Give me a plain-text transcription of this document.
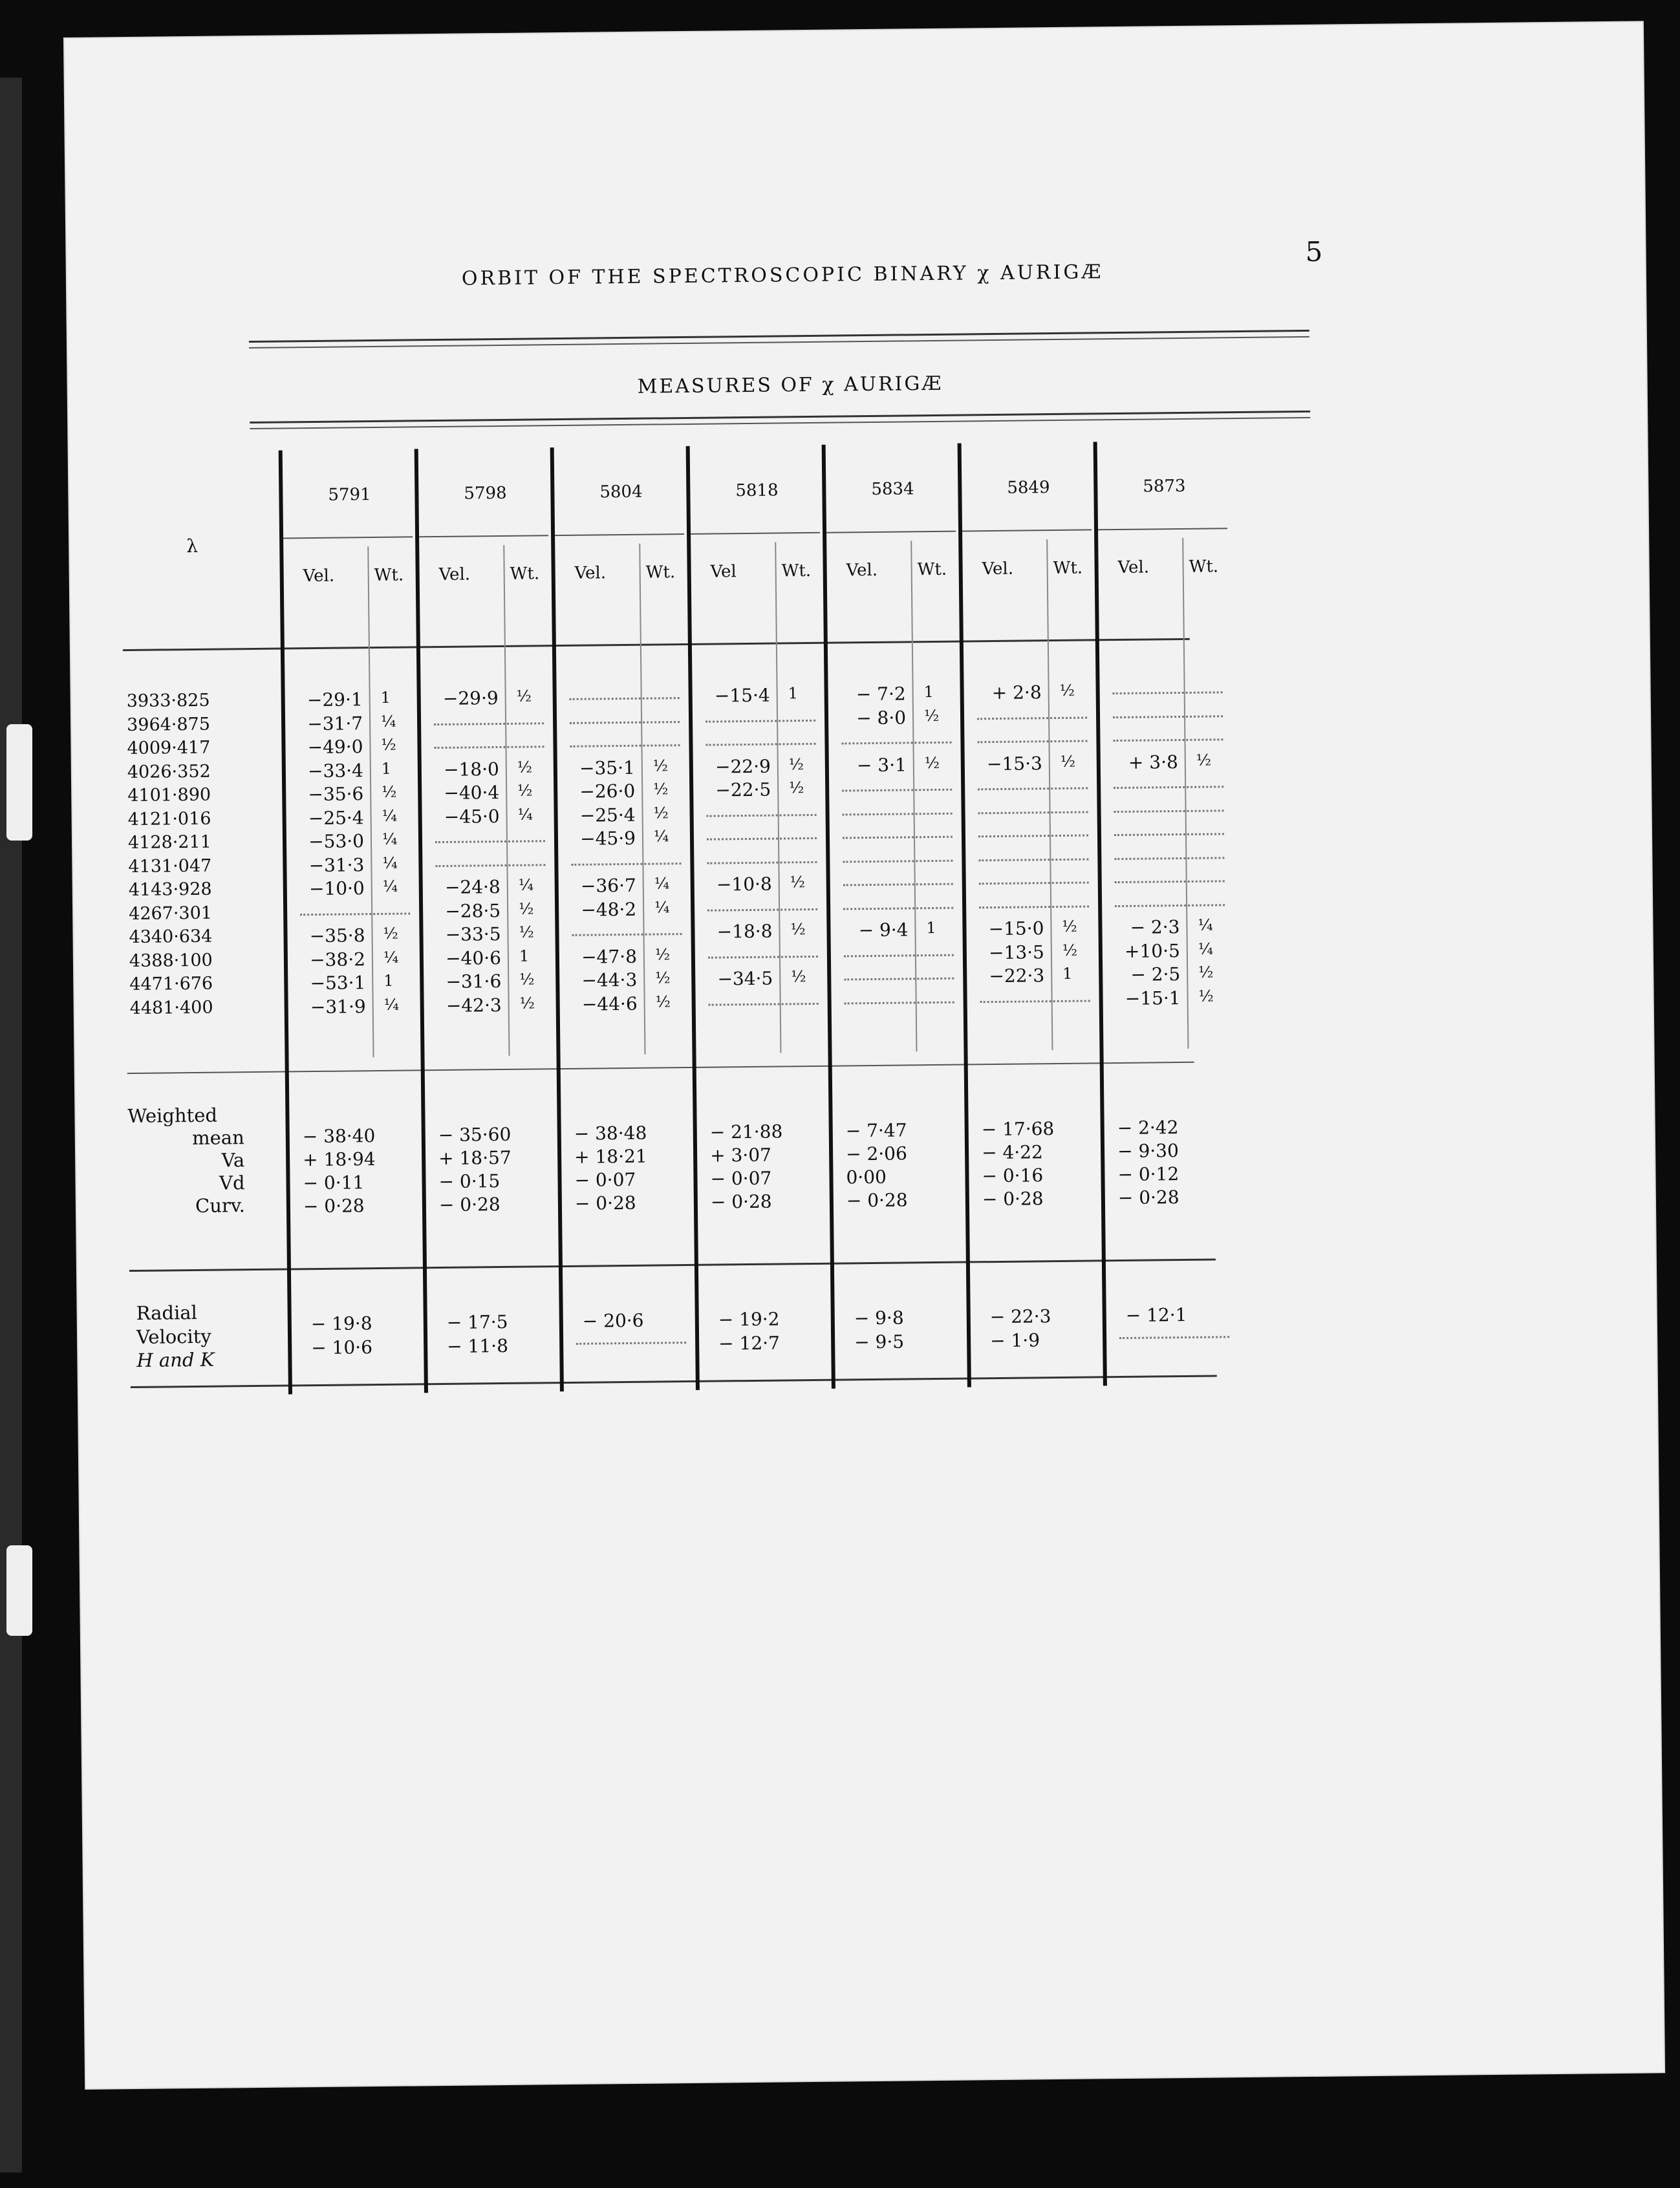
ORBIT OF THE SPECTROSCOPIC BINARY χ AURIGÆ
5
MEASURES OF χ AURIGÆ
λ
3933·825
3964·875
4009·417
4026·352
4101·890
4121·016
4128·211
4131·047
4143·928
4267·301
4340·634
4388·100
4471·676
4481·400
Weighted
mean
Va
Vd
Curv.
Radial
Velocity
H and K
5791
Vel. Wt.
−29·1 1
−31·7 ¼
−49·0 ½
−33·4 1
−35·6 ½
−25·4 ¼
−53·0 ¼
−31·3 ¼
−10·0 ¼
−35·8 ½
−38·2 ¼
−53·1 1
−31·9 ¼
− 38·40
+ 18·94
− 0·11
− 0·28
− 19·8
− 10·6
5798
Vel. Wt.
−29·9 ½
−18·0 ½
−40·4 ½
−45·0 ¼
−24·8 ¼
−28·5 ½
−33·5 ½
−40·6 1
−31·6 ½
−42·3 ½
− 35·60
+ 18·57
− 0·15
− 0·28
− 17·5
− 11·8
5804
Vel. Wt.
−35·1 ½
−26·0 ½
−25·4 ½
−45·9 ¼
−36·7 ¼
−48·2 ¼
−47·8 ½
−44·3 ½
−44·6 ½
− 38·48
+ 18·21
− 0·07
− 0·28
− 20·6
5818
Vel	Wt.
−15·4 1
−22·9 ½
−22·5 ½
−10·8 ½
−18·8 ½
−34·5 ½
− 21·88
+ 3·07
− 0·07
− 0·28
− 19·2
− 12·7
5834
Vel. Wt.
− 7·2 1
− 8·0 ½
− 3·1 ½
− 9·4 1
− 7·47
− 2·06
0·00
− 0·28
− 9·8
− 9·5
5849
Vel. Wt.
+ 2·8 ½
−15·3 ½
−15·0 ½
−13·5 ½
−22·3 1
− 17·68
− 4·22
− 0·16
− 0·28
− 22·3
− 1·9
5873
Vel. Wt.
+ 3·8 ½
− 2·3 ¼
+10·5 ¼
− 2·5 ½
−15·1 ½
− 2·42
− 9·30
− 0·12
− 0·28
− 12·1
